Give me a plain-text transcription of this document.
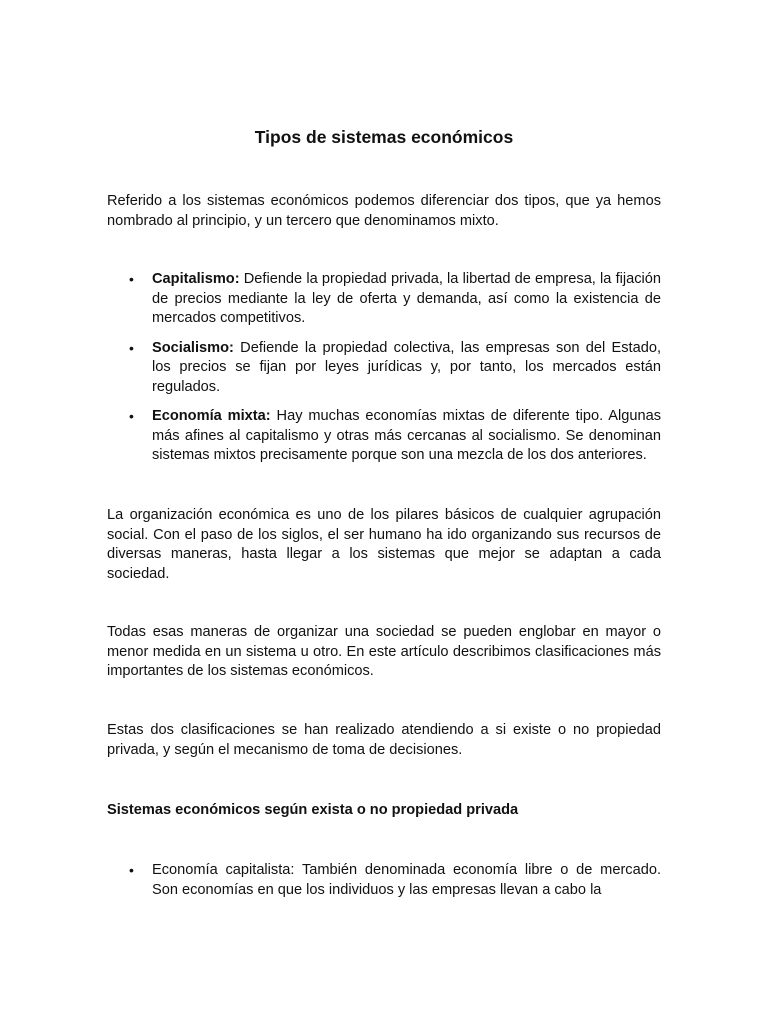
Tipos de sistemas económicos

Referido a los sistemas económicos podemos diferenciar dos tipos, que ya hemos nombrado al principio, y un tercero que denominamos mixto.

• Capitalismo: Defiende la propiedad privada, la libertad de empresa, la fijación de precios mediante la ley de oferta y demanda, así como la existencia de mercados competitivos.
• Socialismo: Defiende la propiedad colectiva, las empresas son del Estado, los precios se fijan por leyes jurídicas y, por tanto, los mercados están regulados.
• Economía mixta: Hay muchas economías mixtas de diferente tipo. Algunas más afines al capitalismo y otras más cercanas al socialismo. Se denominan sistemas mixtos precisamente porque son una mezcla de los dos anteriores.

La organización económica es uno de los pilares básicos de cualquier agrupación social. Con el paso de los siglos, el ser humano ha ido organizando sus recursos de diversas maneras, hasta llegar a los sistemas que mejor se adaptan a cada sociedad.

Todas esas maneras de organizar una sociedad se pueden englobar en mayor o menor medida en un sistema u otro. En este artículo describimos clasificaciones más importantes de los sistemas económicos.

Estas dos clasificaciones se han realizado atendiendo a si existe o no propiedad privada, y según el mecanismo de toma de decisiones.

Sistemas económicos según exista o no propiedad privada
• Economía capitalista: También denominada economía libre o de mercado. Son economías en que los individuos y las empresas llevan a cabo la
